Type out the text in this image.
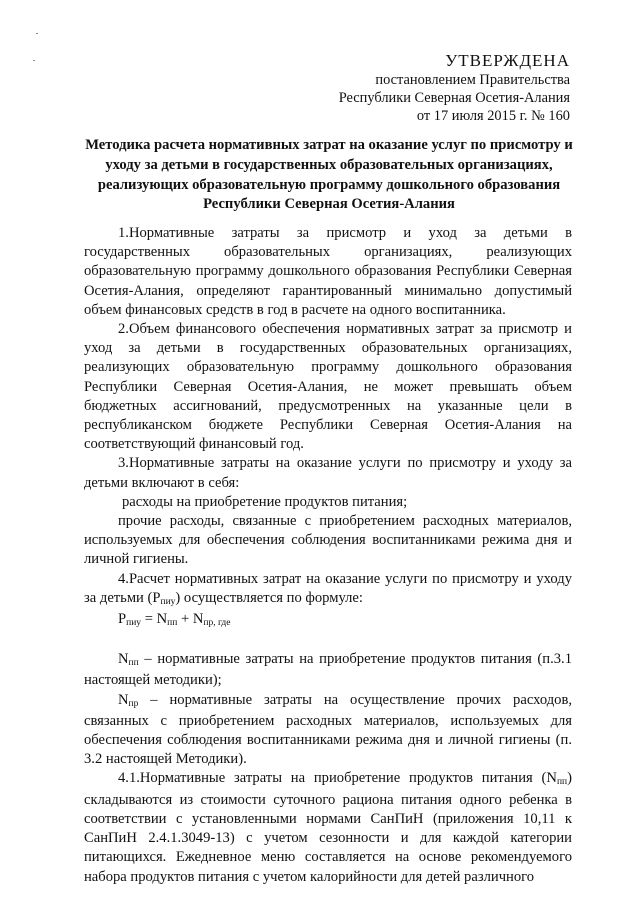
УТВЕРЖДЕНА
постановлением Правительства
Республики Северная Осетия-Алания
от 17 июля 2015 г. № 160
Методика расчета нормативных затрат на оказание услуг по присмотру и уходу за детьми в государственных образовательных организациях, реализующих образовательную программу дошкольного образования Республики Северная Осетия-Алания

1.Нормативные затраты за присмотр и уход за детьми в государственных образовательных организациях, реализующих образовательную программу дошкольного образования Республики Северная Осетия-Алания, определяют гарантированный минимально допустимый объем финансовых средств в год в расчете на одного воспитанника.

2.Объем финансового обеспечения нормативных затрат за присмотр и уход за детьми в государственных образовательных организациях, реализующих образовательную программу дошкольного образования Республики Северная Осетия-Алания, не может превышать объем бюджетных ассигнований, предусмотренных на указанные цели в республиканском бюджете Республики Северная Осетия-Алания на соответствующий финансовый год.

3.Нормативные затраты на оказание услуги по присмотру и уходу за детьми включают в себя:

расходы на приобретение продуктов питания;

прочие расходы, связанные с приобретением расходных материалов, используемых для обеспечения соблюдения воспитанниками режима дня и личной гигиены.

4.Расчет нормативных затрат на оказание услуги по присмотру и уходу за детьми (Pпиу) осуществляется по формуле:

Pпиу = Nпп + Nпр, где

Nпп – нормативные затраты на приобретение продуктов питания (п.3.1 настоящей методики);

Nпр – нормативные затраты на осуществление прочих расходов, связанных с приобретением расходных материалов, используемых для обеспечения соблюдения воспитанниками режима дня и личной гигиены (п. 3.2 настоящей Методики).

4.1.Нормативные затраты на приобретение продуктов питания (Nпп) складываются из стоимости суточного рациона питания одного ребенка в соответствии с установленными нормами СанПиН (приложения 10,11 к СанПиН 2.4.1.3049-13) с учетом сезонности и для каждой категории питающихся. Ежедневное меню составляется на основе рекомендуемого набора продуктов питания с учетом калорийности для детей различного
